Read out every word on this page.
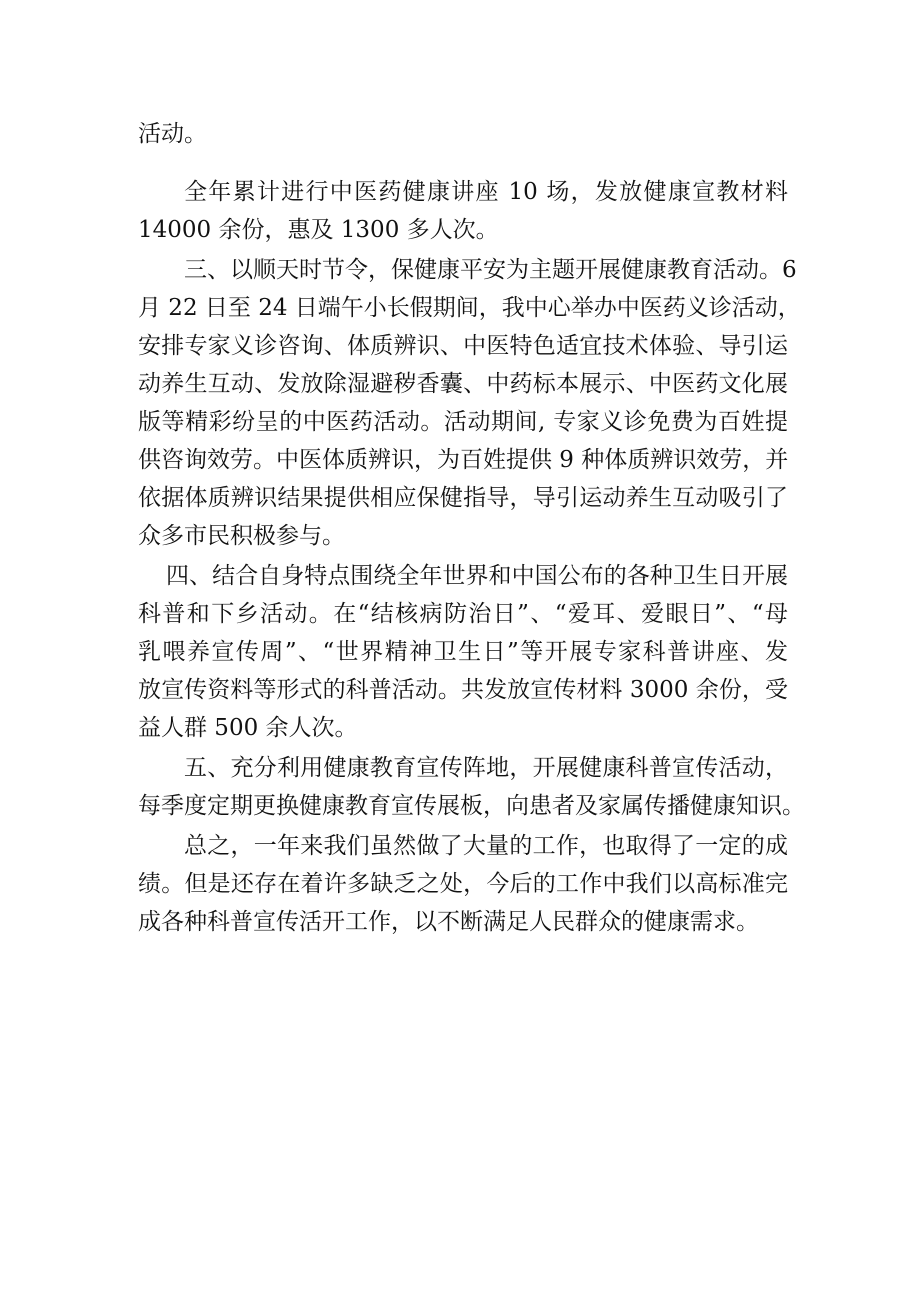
活动。
全年累计进行中医药健康讲座 10 场，发放健康宣教材料
14000 余份，惠及 1300 多人次。
三、以顺天时节令，保健康平安为主题开展健康教育活动。6
月 22 日至 24 日端午小长假期间，我中心举办中医药义诊活动，
安排专家义诊咨询、体质辨识、中医特色适宜技术体验、导引运
动养生互动、发放除湿避秽香囊、中药标本展示、中医药文化展
版等精彩纷呈的中医药活动。活动期间, 专家义诊免费为百姓提
供咨询效劳。中医体质辨识，为百姓提供 9 种体质辨识效劳，并
依据体质辨识结果提供相应保健指导，导引运动养生互动吸引了
众多市民积极参与。
四、结合自身特点围绕全年世界和中国公布的各种卫生日开展
科普和下乡活动。在“结核病防治日”、“爱耳、爱眼日”、“母
乳喂养宣传周”、“世界精神卫生日”等开展专家科普讲座、发
放宣传资料等形式的科普活动。共发放宣传材料 3000 余份，受
益人群 500 余人次。
五、充分利用健康教育宣传阵地，开展健康科普宣传活动，
每季度定期更换健康教育宣传展板，向患者及家属传播健康知识。
总之，一年来我们虽然做了大量的工作，也取得了一定的成
绩。但是还存在着许多缺乏之处，今后的工作中我们以高标准完
成各种科普宣传活开工作，以不断满足人民群众的健康需求。
